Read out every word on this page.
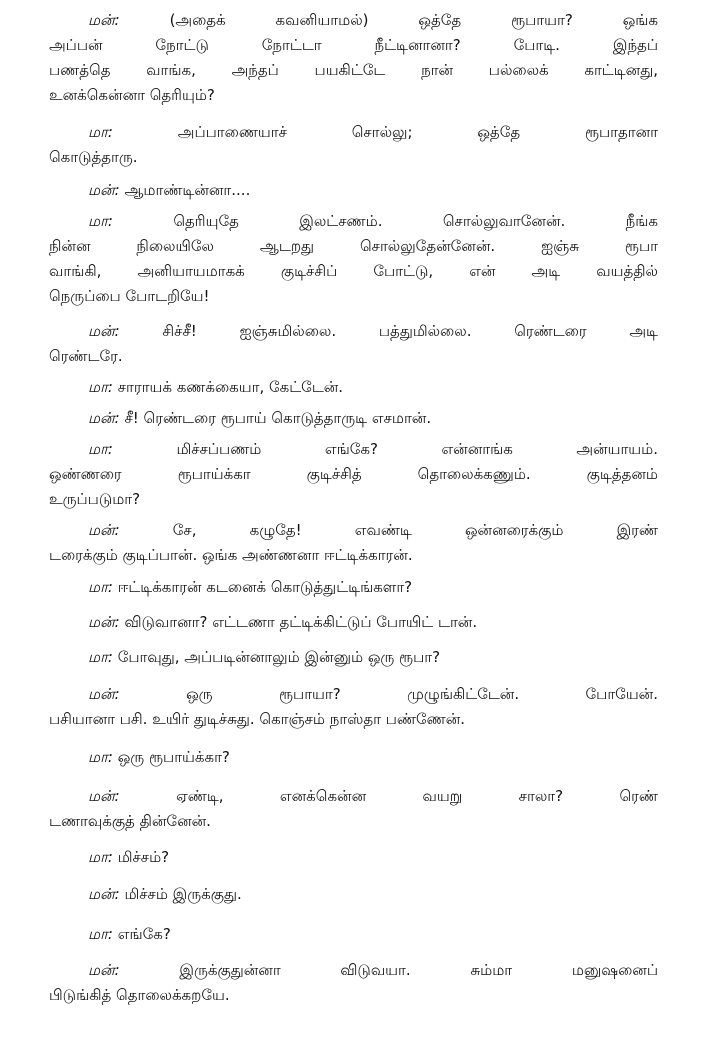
மன்: (அதைக் கவனியாமல்) ஒத்தே ரூபாயா? ஒங்க
அப்பன் நோட்டு நோட்டா நீட்டினானா? போடி. இந்தப்
பணத்தெ வாங்க, அந்தப் பயகிட்டே நான் பல்லைக் காட்டினது,
உனக்கென்னா தெரியும்?

மா: அப்பாணையாச் சொல்லு; ஒத்தே ரூபாதானா
கொடுத்தாரு.

மன்: ஆமாண்டின்னா....

மா: தெரியுதே இலட்சணம். சொல்லுவானேன். நீங்க
நின்ன நிலையிலே ஆடறது சொல்லுதேன்னேன். ஐஞ்சு ரூபா
வாங்கி, அனியாயமாகக் குடிச்சிப் போட்டு, என் அடி வயத்தில்
நெருப்பை போடறியே!

மன்: சிச்சீ! ஐஞ்சுமில்லை. பத்துமில்லை. ரெண்டரை அடி
ரெண்டரே.

மா: சாராயக் கணக்கையா, கேட்டேன்.

மன்: சீ! ரெண்டரை ரூபாய் கொடுத்தாருடி எசமான்.

மா: மிச்சப்பணம் எங்கே? என்னாங்க அன்யாயம்.
ஒண்ணரை ரூபாய்க்கா குடிச்சித் தொலைக்கணும். குடித்தனம்
உருப்படுமா?

மன்: சே, கழுதே! எவண்டி ஒன்னரைக்கும் இரண்
டரைக்கும் குடிப்பான். ஒங்க அண்ணனா ஈட்டிக்காரன்.

மா: ஈட்டிக்காரன் கடனைக் கொடுத்துட்டிங்களா?

மன்: விடுவானா? எட்டணா தட்டிக்கிட்டுப் போயிட் டான்.

மா: போவுது, அப்படின்னாலும் இன்னும் ஒரு ரூபா?

மன்: ஒரு ரூபாயா? முழுங்கிட்டேன். போயேன்.
பசியானா பசி. உயிர் துடிச்சுது. கொஞ்சம் நாஸ்தா பண்ணேன்.

மா: ஒரு ரூபாய்க்கா?

மன்: ஏண்டி, எனக்கென்ன வயறு சாலா? ரெண்
டணாவுக்குத் தின்னேன்.

மா: மிச்சம்?

மன்: மிச்சம் இருக்குது.

மா: எங்கே?

மன்: இருக்குதுன்னா விடுவயா. சும்மா மனுஷனைப்
பிடுங்கித் தொலைக்கறயே.
